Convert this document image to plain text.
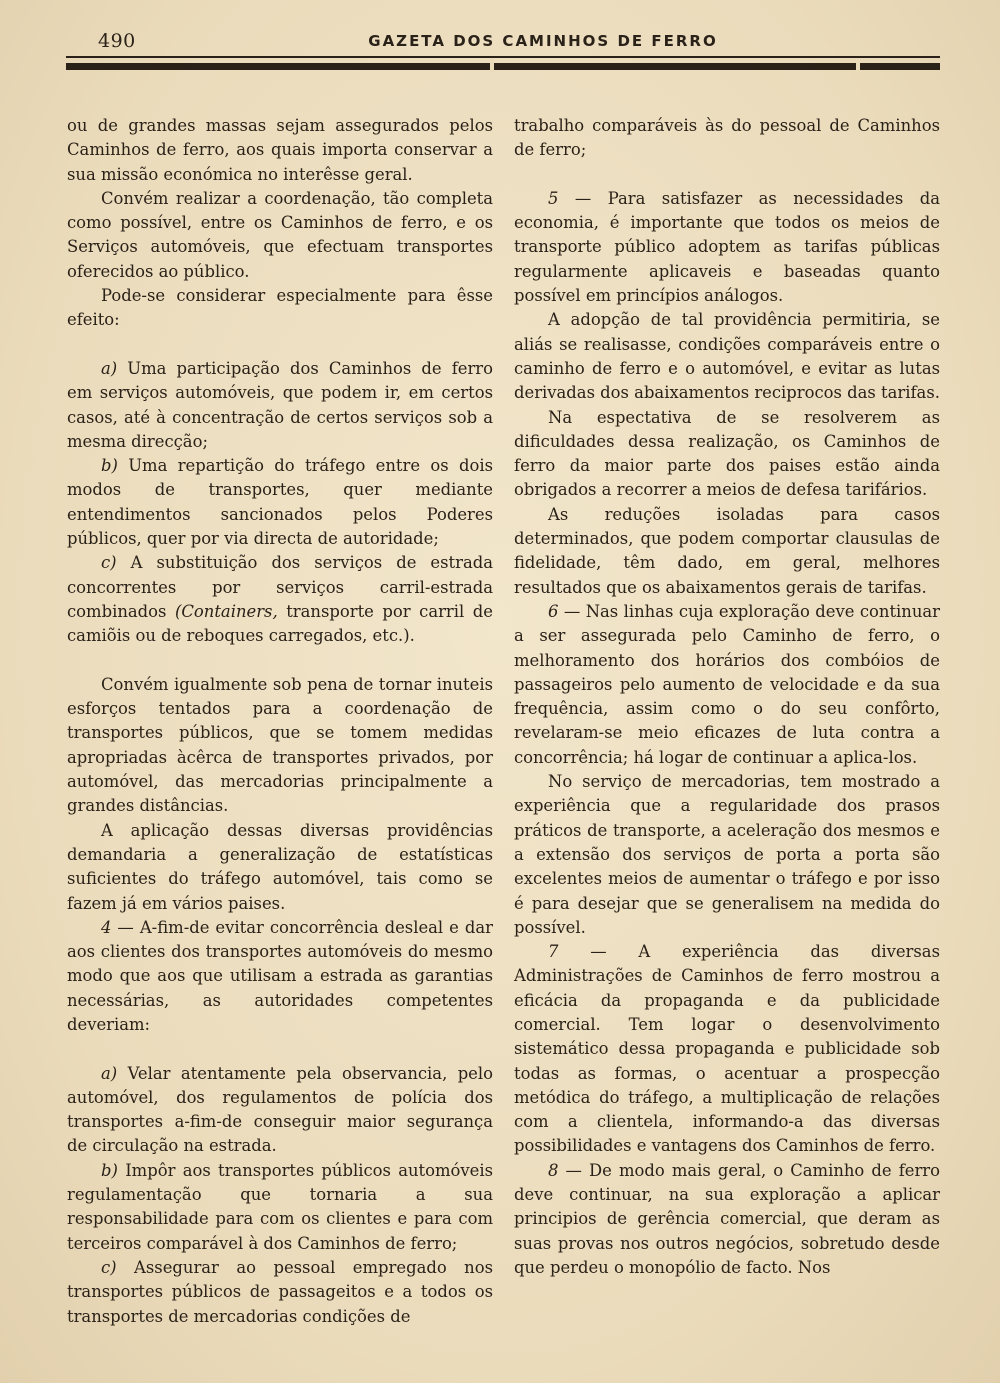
490	GAZETA DOS CAMINHOS DE FERRO

ou de grandes massas sejam assegurados pelos Caminhos de ferro, aos quais importa conservar a sua missão económica no interêsse geral.

Convém realizar a coordenação, tão completa como possível, entre os Caminhos de ferro, e os Serviços automóveis, que efectuam transportes oferecidos ao público.

Pode-se considerar especialmente para êsse efeito:

a) Uma participação dos Caminhos de ferro em serviços automóveis, que podem ir, em certos casos, até à concentração de certos serviços sob a mesma direcção;

b) Uma repartição do tráfego entre os dois modos de transportes, quer mediante entendimentos sancionados pelos Poderes públicos, quer por via directa de autoridade;

c) A substituição dos serviços de estrada concorrentes por serviços carril-estrada combinados (Containers, transporte por carril de camiõis ou de reboques carregados, etc.).

Convém igualmente sob pena de tornar inuteis esforços tentados para a coordenação de transportes públicos, que se tomem medidas apropriadas àcêrca de transportes privados, por automóvel, das mercadorias principalmente a grandes distâncias.

A aplicação dessas diversas providências demandaria a generalização de estatísticas suficientes do tráfego automóvel, tais como se fazem já em vários paises.

4 — A-fim-de evitar concorrência desleal e dar aos clientes dos transportes automóveis do mesmo modo que aos que utilisam a estrada as garantias necessárias, as autoridades competentes deveriam:

a) Velar atentamente pela observancia, pelo automóvel, dos regulamentos de polícia dos transportes a-fim-de conseguir maior segurança de circulação na estrada.

b) Impôr aos transportes públicos automóveis regulamentação que tornaria a sua responsabilidade para com os clientes e para com terceiros comparável à dos Caminhos de ferro;

c) Assegurar ao pessoal empregado nos transportes públicos de passageitos e a todos os transportes de mercadorias condições de

trabalho comparáveis às do pessoal de Caminhos de ferro;

5 — Para satisfazer as necessidades da economia, é importante que todos os meios de transporte público adoptem as tarifas públicas regularmente aplicaveis e baseadas quanto possível em princípios análogos.

A adopção de tal providência permitiria, se aliás se realisasse, condições comparáveis entre o caminho de ferro e o automóvel, e evitar as lutas derivadas dos abaixamentos reciprocos das tarifas.

Na espectativa de se resolverem as dificuldades dessa realização, os Caminhos de ferro da maior parte dos paises estão ainda obrigados a recorrer a meios de defesa tarifários.

As reduções isoladas para casos determinados, que podem comportar clausulas de fidelidade, têm dado, em geral, melhores resultados que os abaixamentos gerais de tarifas.

6 — Nas linhas cuja exploração deve continuar a ser assegurada pelo Caminho de ferro, o melhoramento dos horários dos combóios de passageiros pelo aumento de velocidade e da sua frequência, assim como o do seu confôrto, revelaram-se meio eficazes de luta contra a concorrência; há logar de continuar a aplica-los.

No serviço de mercadorias, tem mostrado a experiência que a regularidade dos prasos práticos de transporte, a aceleração dos mesmos e a extensão dos serviços de porta a porta são excelentes meios de aumentar o tráfego e por isso é para desejar que se generalisem na medida do possível.

7 — A experiência das diversas Administrações de Caminhos de ferro mostrou a eficácia da propaganda e da publicidade comercial. Tem logar o desenvolvimento sistemático dessa propaganda e publicidade sob todas as formas, o acentuar a prospecção metódica do tráfego, a multiplicação de relações com a clientela, informando-a das diversas possibilidades e vantagens dos Caminhos de ferro.

8 — De modo mais geral, o Caminho de ferro deve continuar, na sua exploração a aplicar principios de gerência comercial, que deram as suas provas nos outros negócios, sobretudo desde que perdeu o monopólio de facto. Nos
